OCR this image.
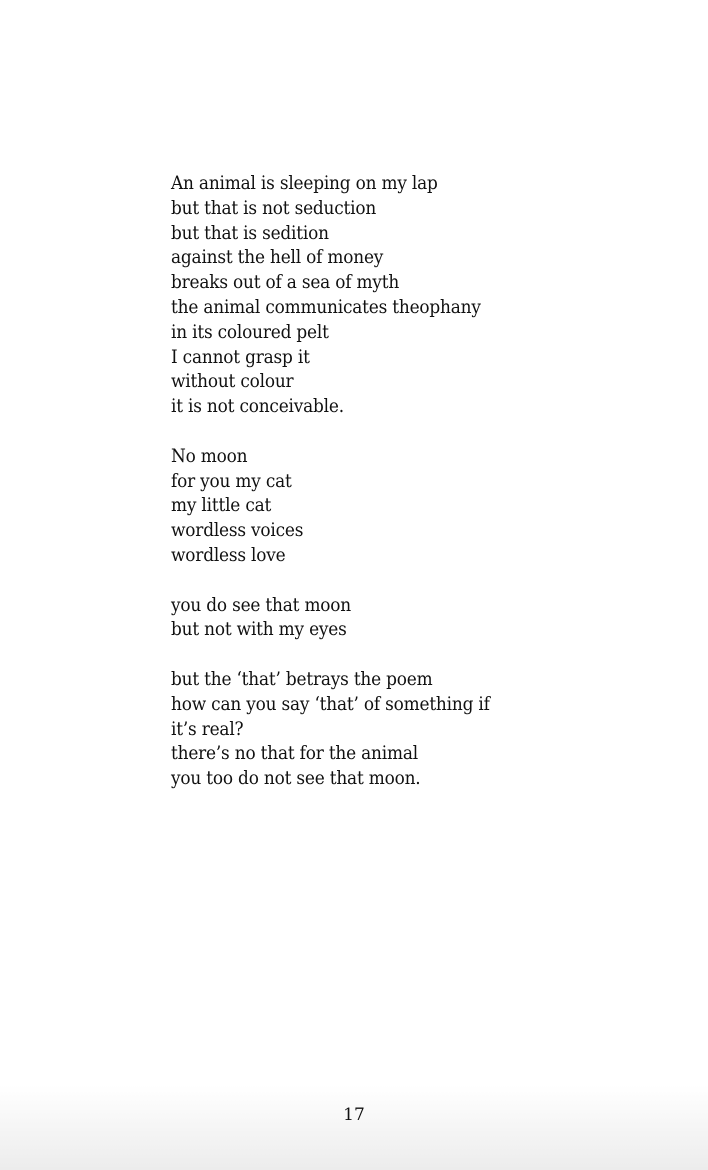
An animal is sleeping on my lap
but that is not seduction
but that is sedition
against the hell of money
breaks out of a sea of myth
the animal communicates theophany
in its coloured pelt
I cannot grasp it
without colour
it is not conceivable.
No moon
for you my cat
my little cat
wordless voices
wordless love
you do see that moon
but not with my eyes
but the ‘that’ betrays the poem
how can you say ‘that’ of something if
it’s real?
there’s no that for the animal
you too do not see that moon.
17
